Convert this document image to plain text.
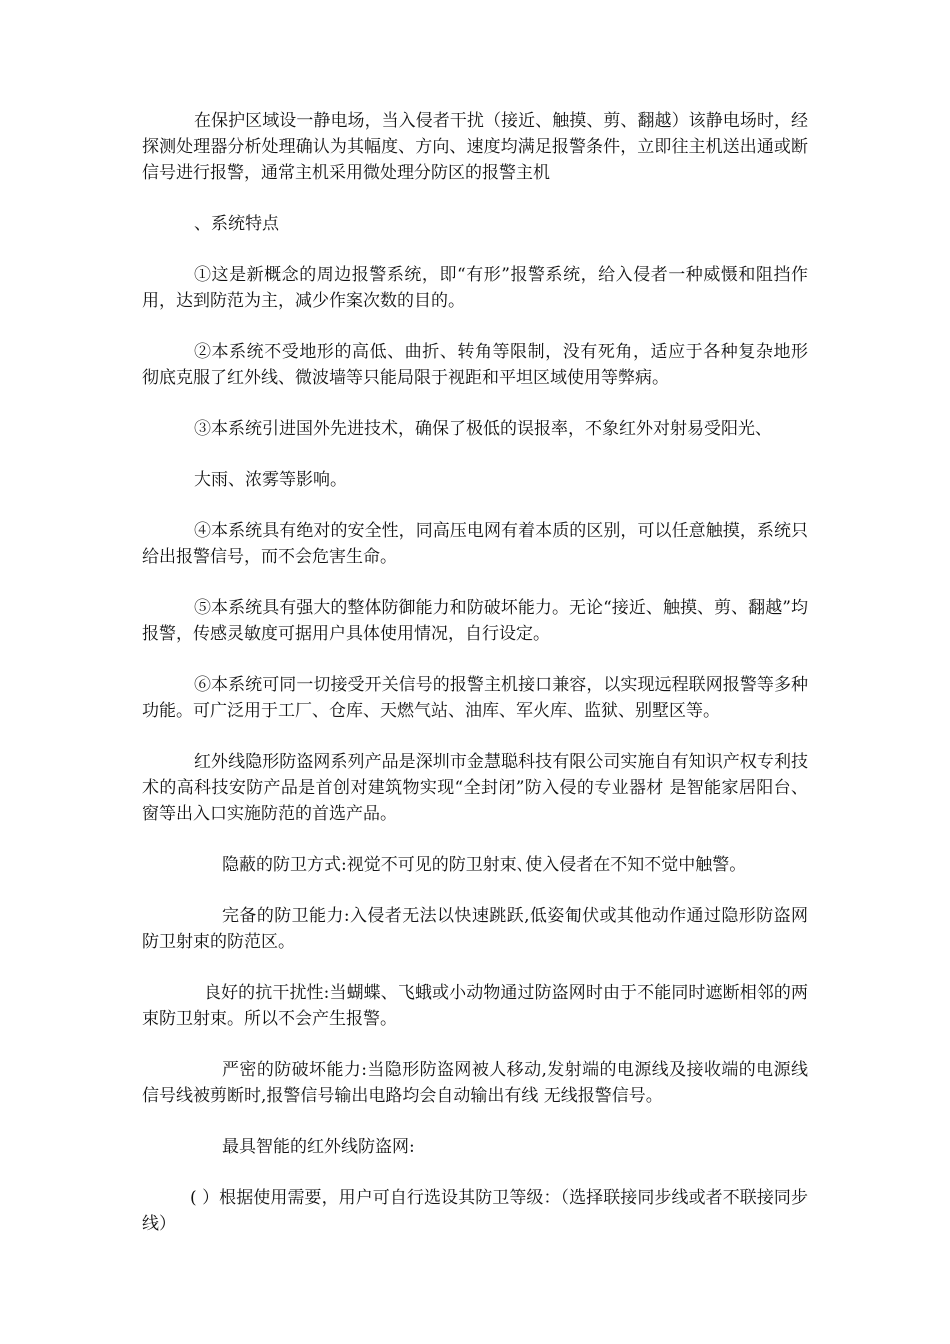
在保护区域设一静电场，当入侵者干扰（接近、触摸、剪、翻越）该静电场时，经探测处理器分析处理确认为其幅度、方向、速度均满足报警条件，立即往主机送出通或断信号进行报警，通常主机采用微处理分防区的报警主机

、系统特点

①这是新概念的周边报警系统，即“有形”报警系统，给入侵者一种威慑和阻挡作用，达到防范为主，减少作案次数的目的。

②本系统不受地形的高低、曲折、转角等限制，没有死角，适应于各种复杂地形 彻底克服了红外线、微波墙等只能局限于视距和平坦区域使用等弊病。

③本系统引进国外先进技术，确保了极低的误报率，不象红外对射易受阳光、

大雨、浓雾等影响。

④本系统具有绝对的安全性，同高压电网有着本质的区别，可以任意触摸，系统只给出报警信号，而不会危害生命。

⑤本系统具有强大的整体防御能力和防破坏能力。无论“接近、触摸、剪、翻越”均报警，传感灵敏度可据用户具体使用情况，自行设定。

⑥本系统可同一切接受开关信号的报警主机接口兼容，以实现远程联网报警等多种功能。可广泛用于工厂、仓库、天燃气站、油库、军火库、监狱、别墅区等。

红外线隐形防盗网系列产品是深圳市金慧聪科技有限公司实施自有知识产权专利技术的高科技安防产品是首创对建筑物实现“全封闭”防入侵的专业器材 是智能家居阳台、窗等出入口实施防范的首选产品。

隐蔽的防卫方式:视觉不可见的防卫射束､使入侵者在不知不觉中触警。

完备的防卫能力:入侵者无法以快速跳跃,低姿匍伏或其他动作通过隐形防盗网防卫射束的防范区。

良好的抗干扰性:当蝴蝶、飞蛾或小动物通过防盗网时由于不能同时遮断相邻的两束防卫射束。所以不会产生报警。

严密的防破坏能力:当隐形防盗网被人移动,发射端的电源线及接收端的电源线信号线被剪断时,报警信号输出电路均会自动输出有线 无线报警信号。

最具智能的红外线防盗网:

( ）根据使用需要，用户可自行选设其防卫等级：（选择联接同步线或者不联接同步线）
